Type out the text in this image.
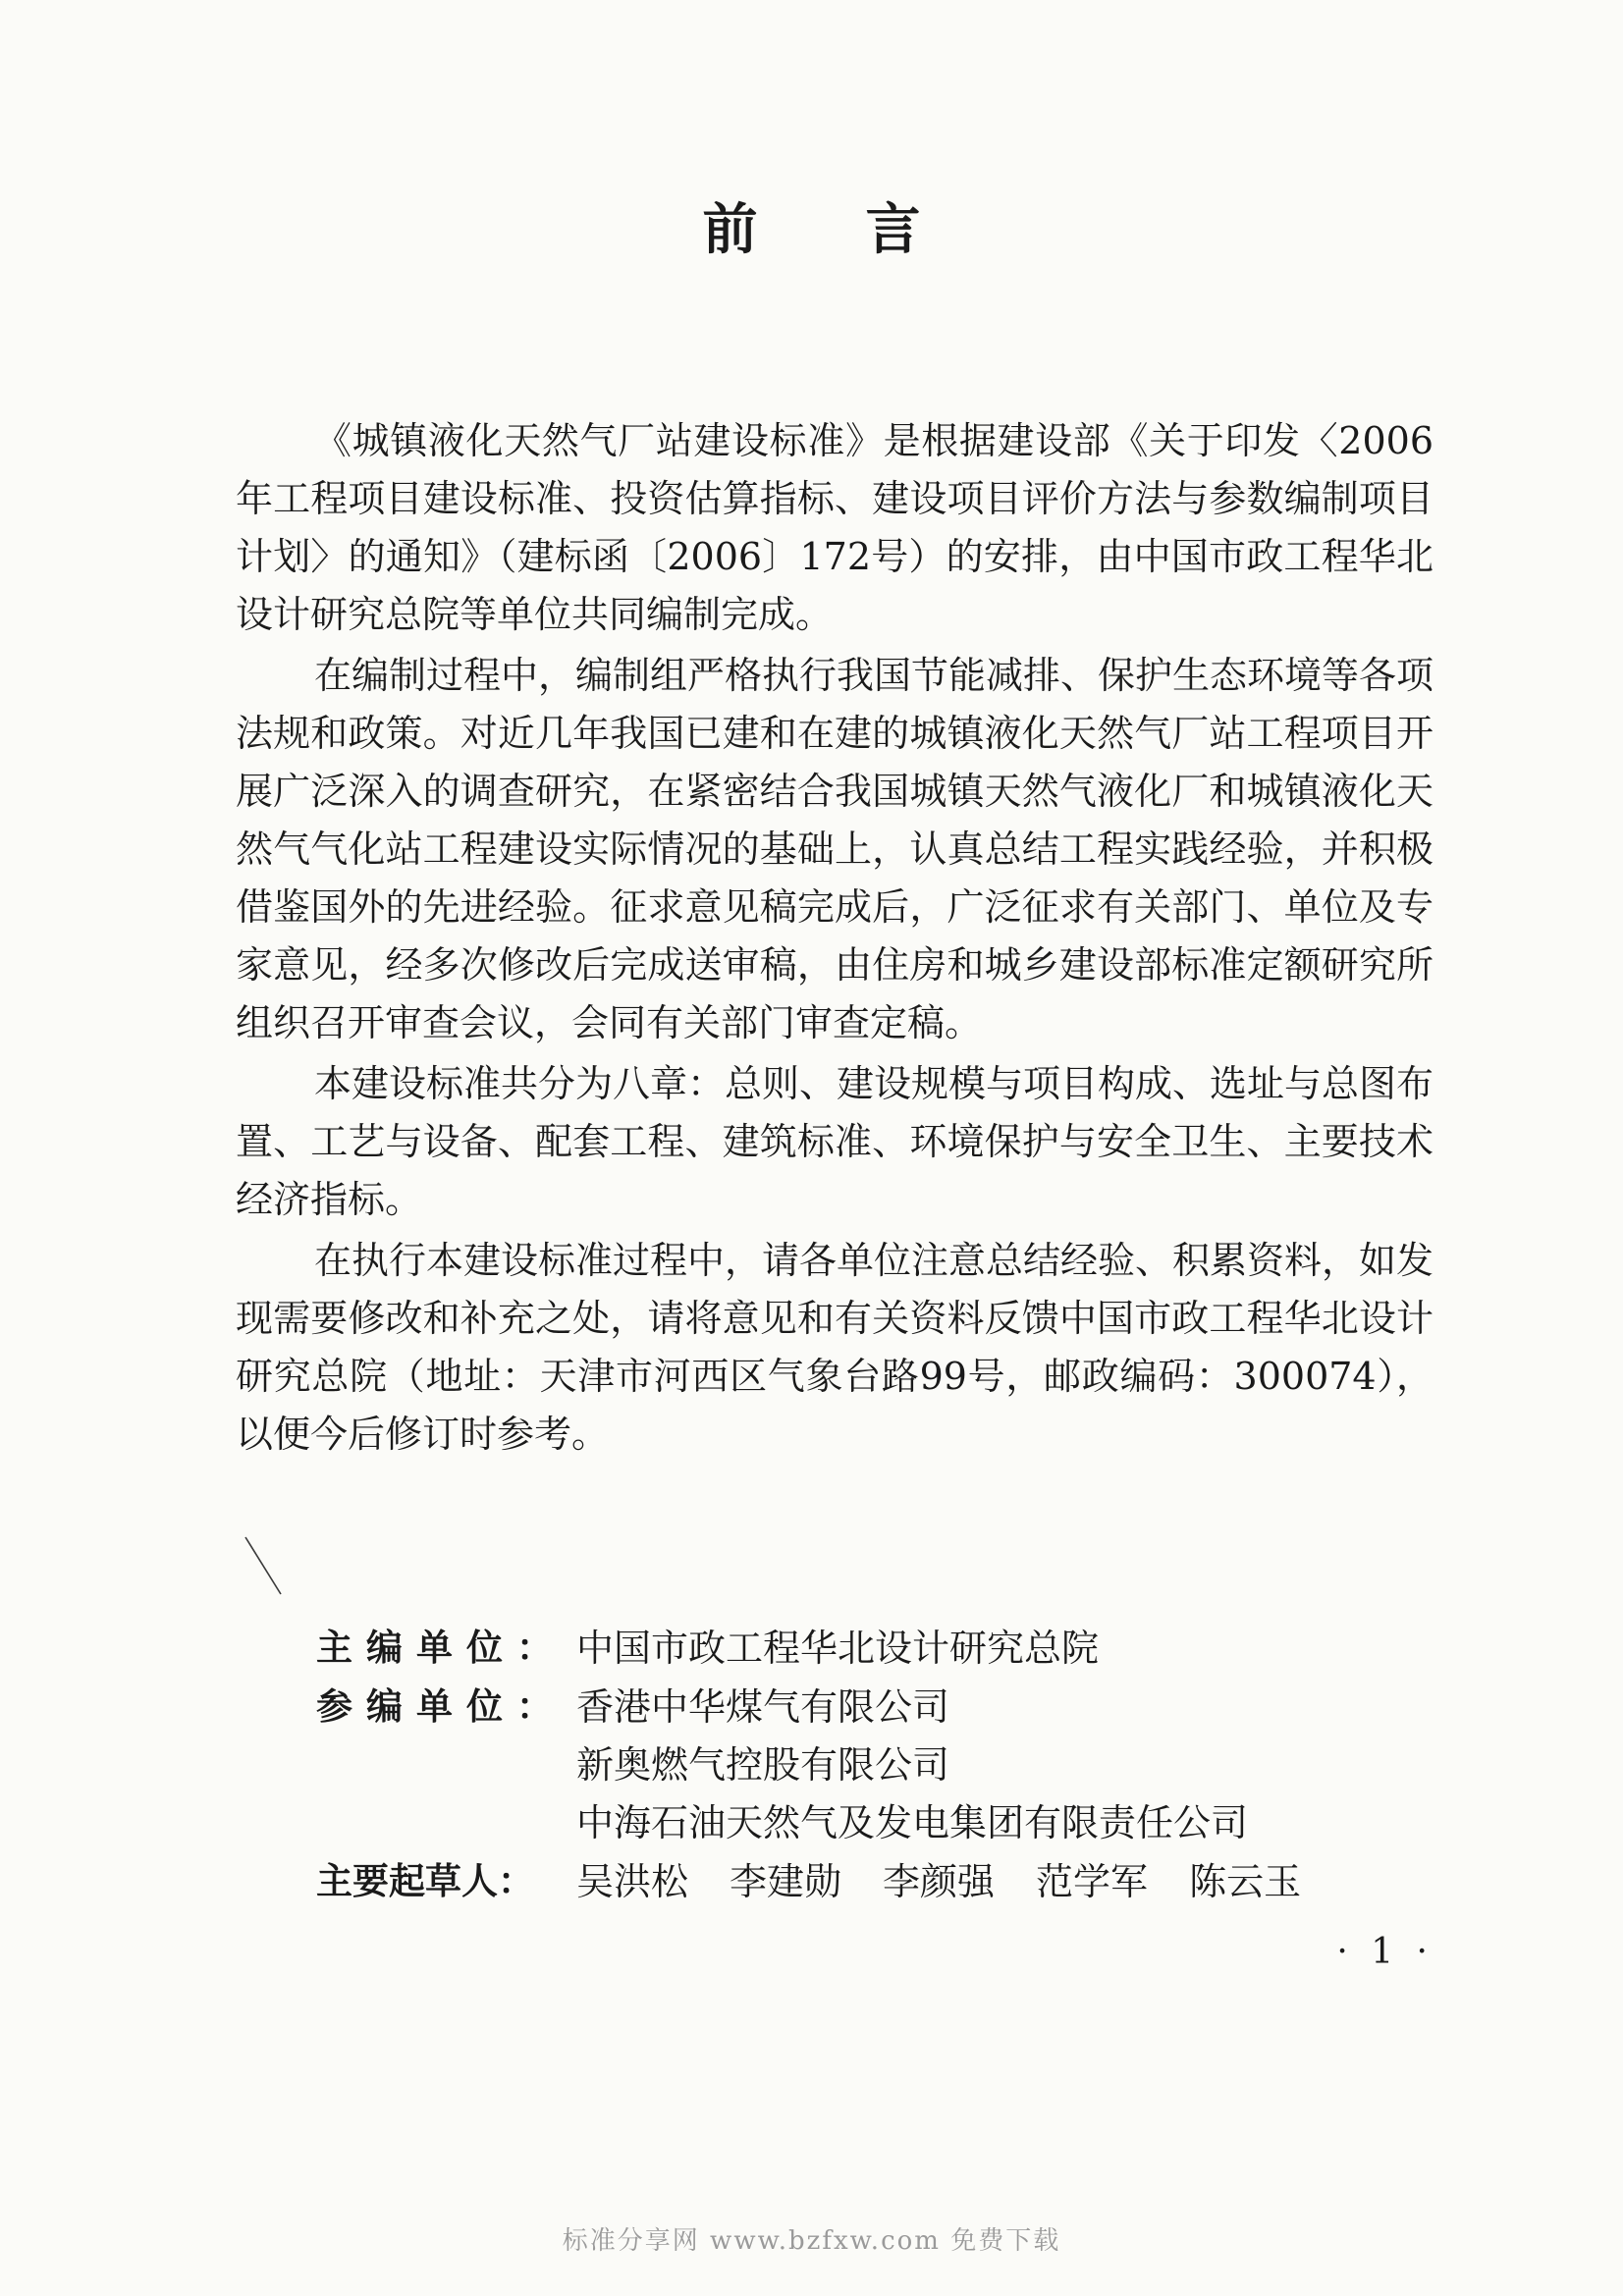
前言

《城镇液化天然气厂站建设标准》是根据建设部《关于印发〈2006年工程项目建设标准、投资估算指标、建设项目评价方法与参数编制项目计划〉的通知》（建标函〔2006〕172号）的安排，由中国市政工程华北设计研究总院等单位共同编制完成。

在编制过程中，编制组严格执行我国节能减排、保护生态环境等各项法规和政策。对近几年我国已建和在建的城镇液化天然气厂站工程项目开展广泛深入的调查研究，在紧密结合我国城镇天然气液化厂和城镇液化天然气气化站工程建设实际情况的基础上，认真总结工程实践经验，并积极借鉴国外的先进经验。征求意见稿完成后，广泛征求有关部门、单位及专家意见，经多次修改后完成送审稿，由住房和城乡建设部标准定额研究所组织召开审查会议，会同有关部门审查定稿。

本建设标准共分为八章：总则、建设规模与项目构成、选址与总图布置、工艺与设备、配套工程、建筑标准、环境保护与安全卫生、主要技术经济指标。

在执行本建设标准过程中，请各单位注意总结经验、积累资料，如发现需要修改和补充之处，请将意见和有关资料反馈中国市政工程华北设计研究总院（地址：天津市河西区气象台路99号，邮政编码：300074），以便今后修订时参考。

主编单位： 中国市政工程华北设计研究总院
参编单位： 香港中华煤气有限公司
新奥燃气控股有限公司
中海石油天然气及发电集团有限责任公司
主要起草人：	吴洪松 李建勋 李颜强 范学军 陈云玉
· 1 ·
标准分享网 www.bzfxw.com 免费下载
